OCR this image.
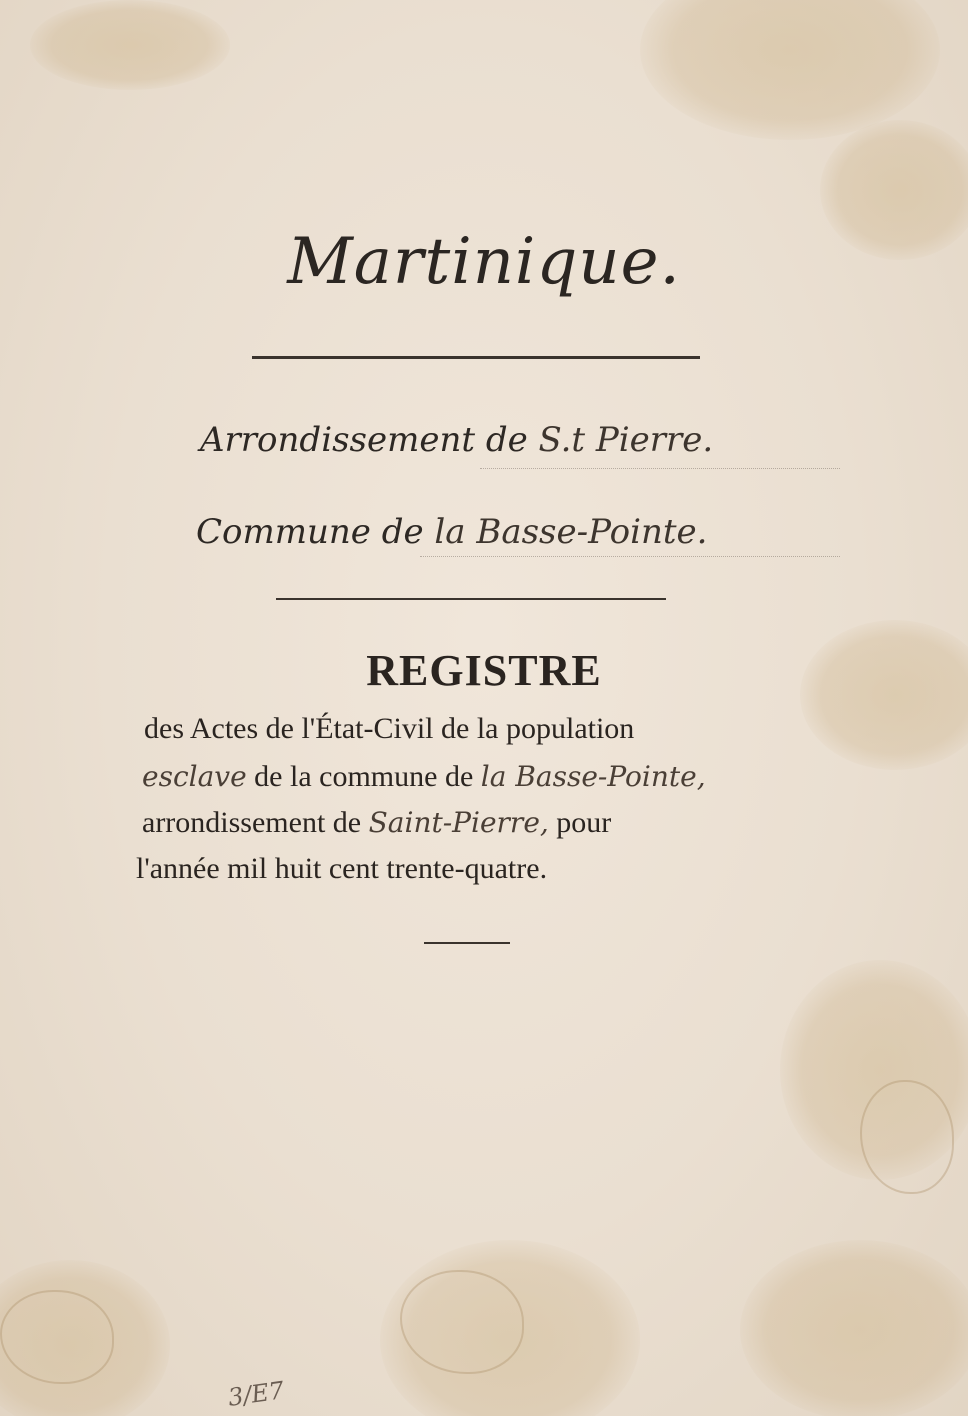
Martinique.
Arrondissement de S.t Pierre.
Commune de la Basse-Pointe.
REGISTRE
des Actes de l'État-Civil de la population
esclave de la commune de la Basse-Pointe,
arrondissement de Saint-Pierre, pour
l'année mil huit cent trente-quatre.
3/E7
